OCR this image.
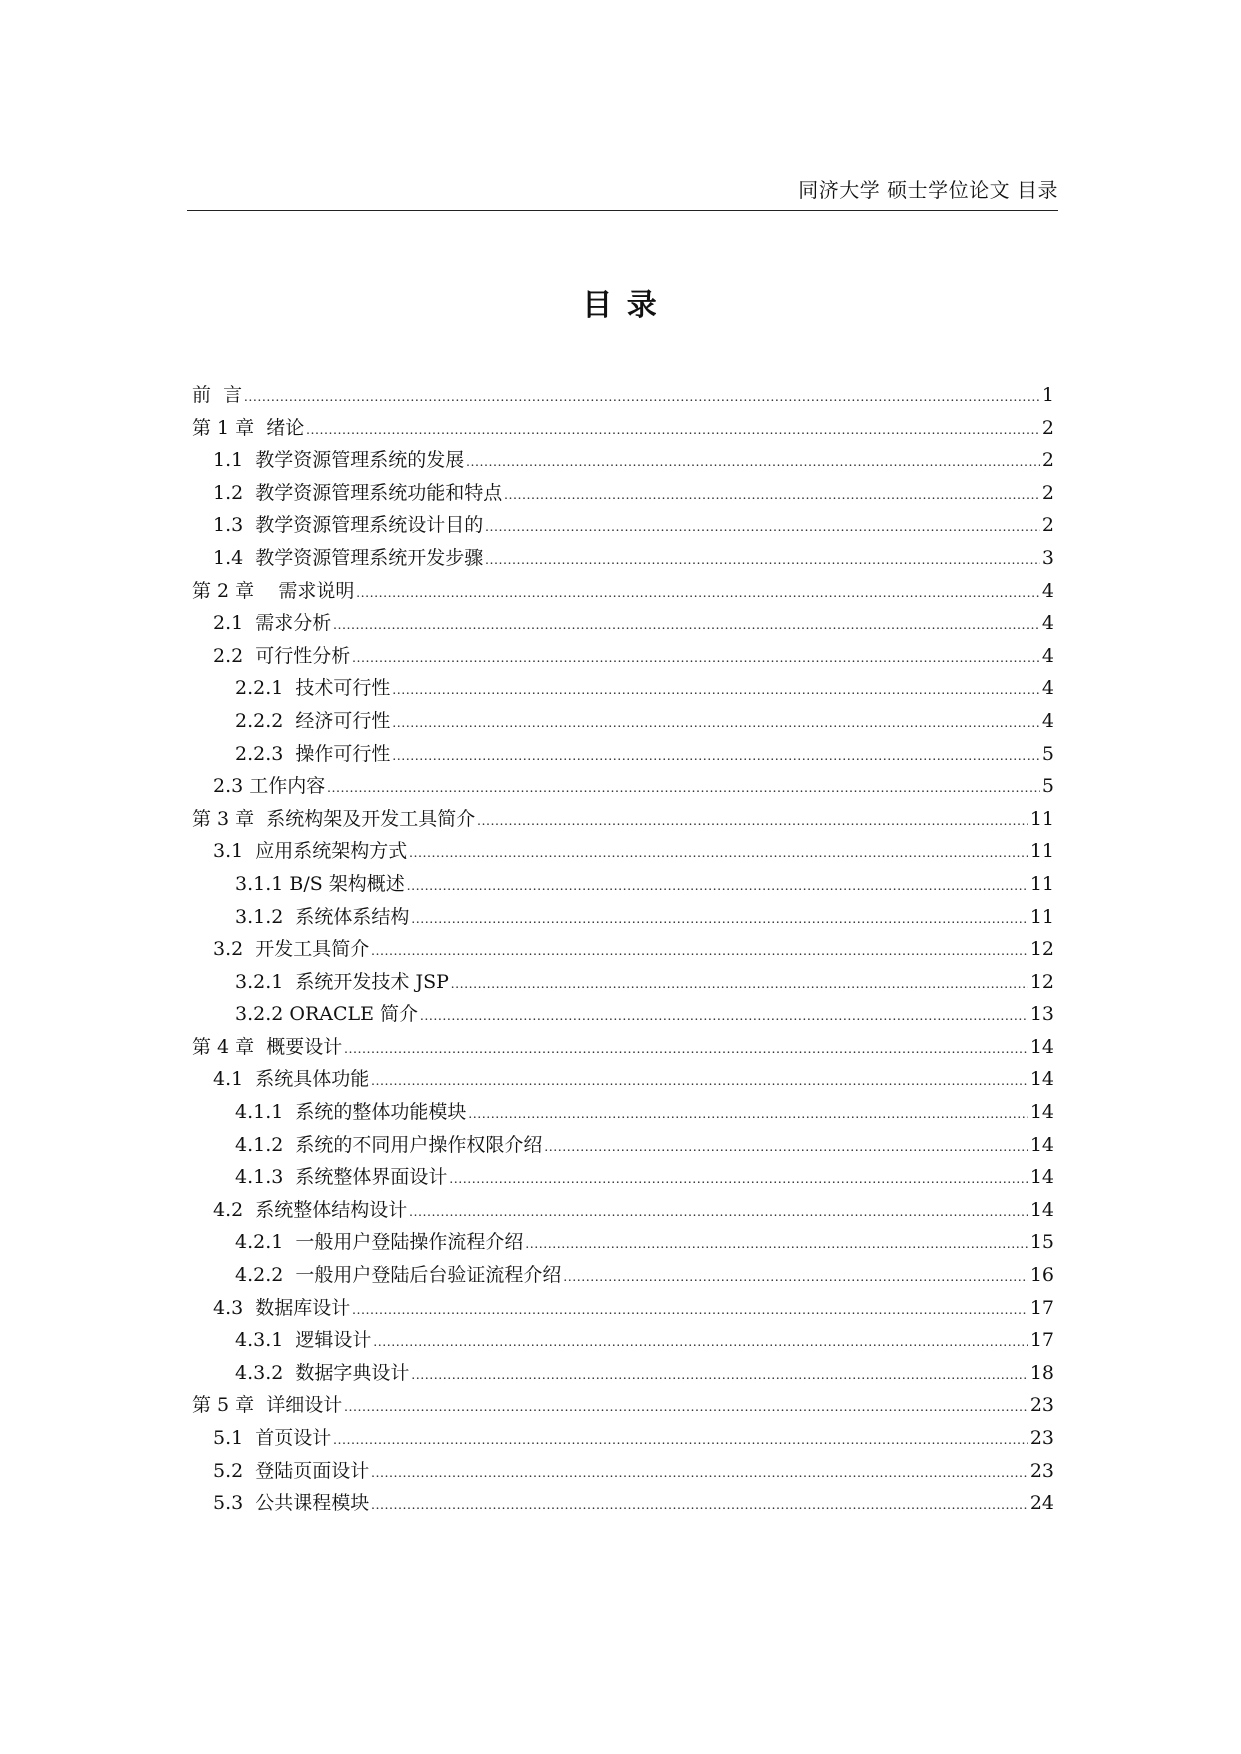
同济大学 硕士学位论文 目录
目 录
前  言 .....	1
第 1 章  绪论 .....	2
1.1  教学资源管理系统的发展 .....	2
1.2  教学资源管理系统功能和特点 .....	2
1.3  教学资源管理系统设计目的 .....	2
1.4  教学资源管理系统开发步骤 .....	3
第 2 章    需求说明 .....	4
2.1  需求分析 .....	4
2.2  可行性分析 .....	4
2.2.1  技术可行性 .....	4
2.2.2  经济可行性 .....	4
2.2.3  操作可行性 .....	5
2.3 工作内容 .....	5
第 3 章  系统构架及开发工具简介 .....	11
3.1  应用系统架构方式 .....	11
3.1.1 B/S 架构概述 .....	11
3.1.2  系统体系结构 .....	11
3.2  开发工具简介 .....	12
3.2.1  系统开发技术 JSP .....	12
3.2.2 ORACLE 简介 .....	13
第 4 章  概要设计 .....	14
4.1  系统具体功能 .....	14
4.1.1  系统的整体功能模块 .....	14
4.1.2  系统的不同用户操作权限介绍 .....	14
4.1.3  系统整体界面设计 .....	14
4.2  系统整体结构设计 .....	14
4.2.1  一般用户登陆操作流程介绍 .....	15
4.2.2  一般用户登陆后台验证流程介绍 .....	16
4.3  数据库设计 .....	17
4.3.1  逻辑设计 .....	17
4.3.2  数据字典设计 .....	18
第 5 章  详细设计 .....	23
5.1  首页设计 .....	23
5.2  登陆页面设计 .....	23
5.3  公共课程模块 .....	24
